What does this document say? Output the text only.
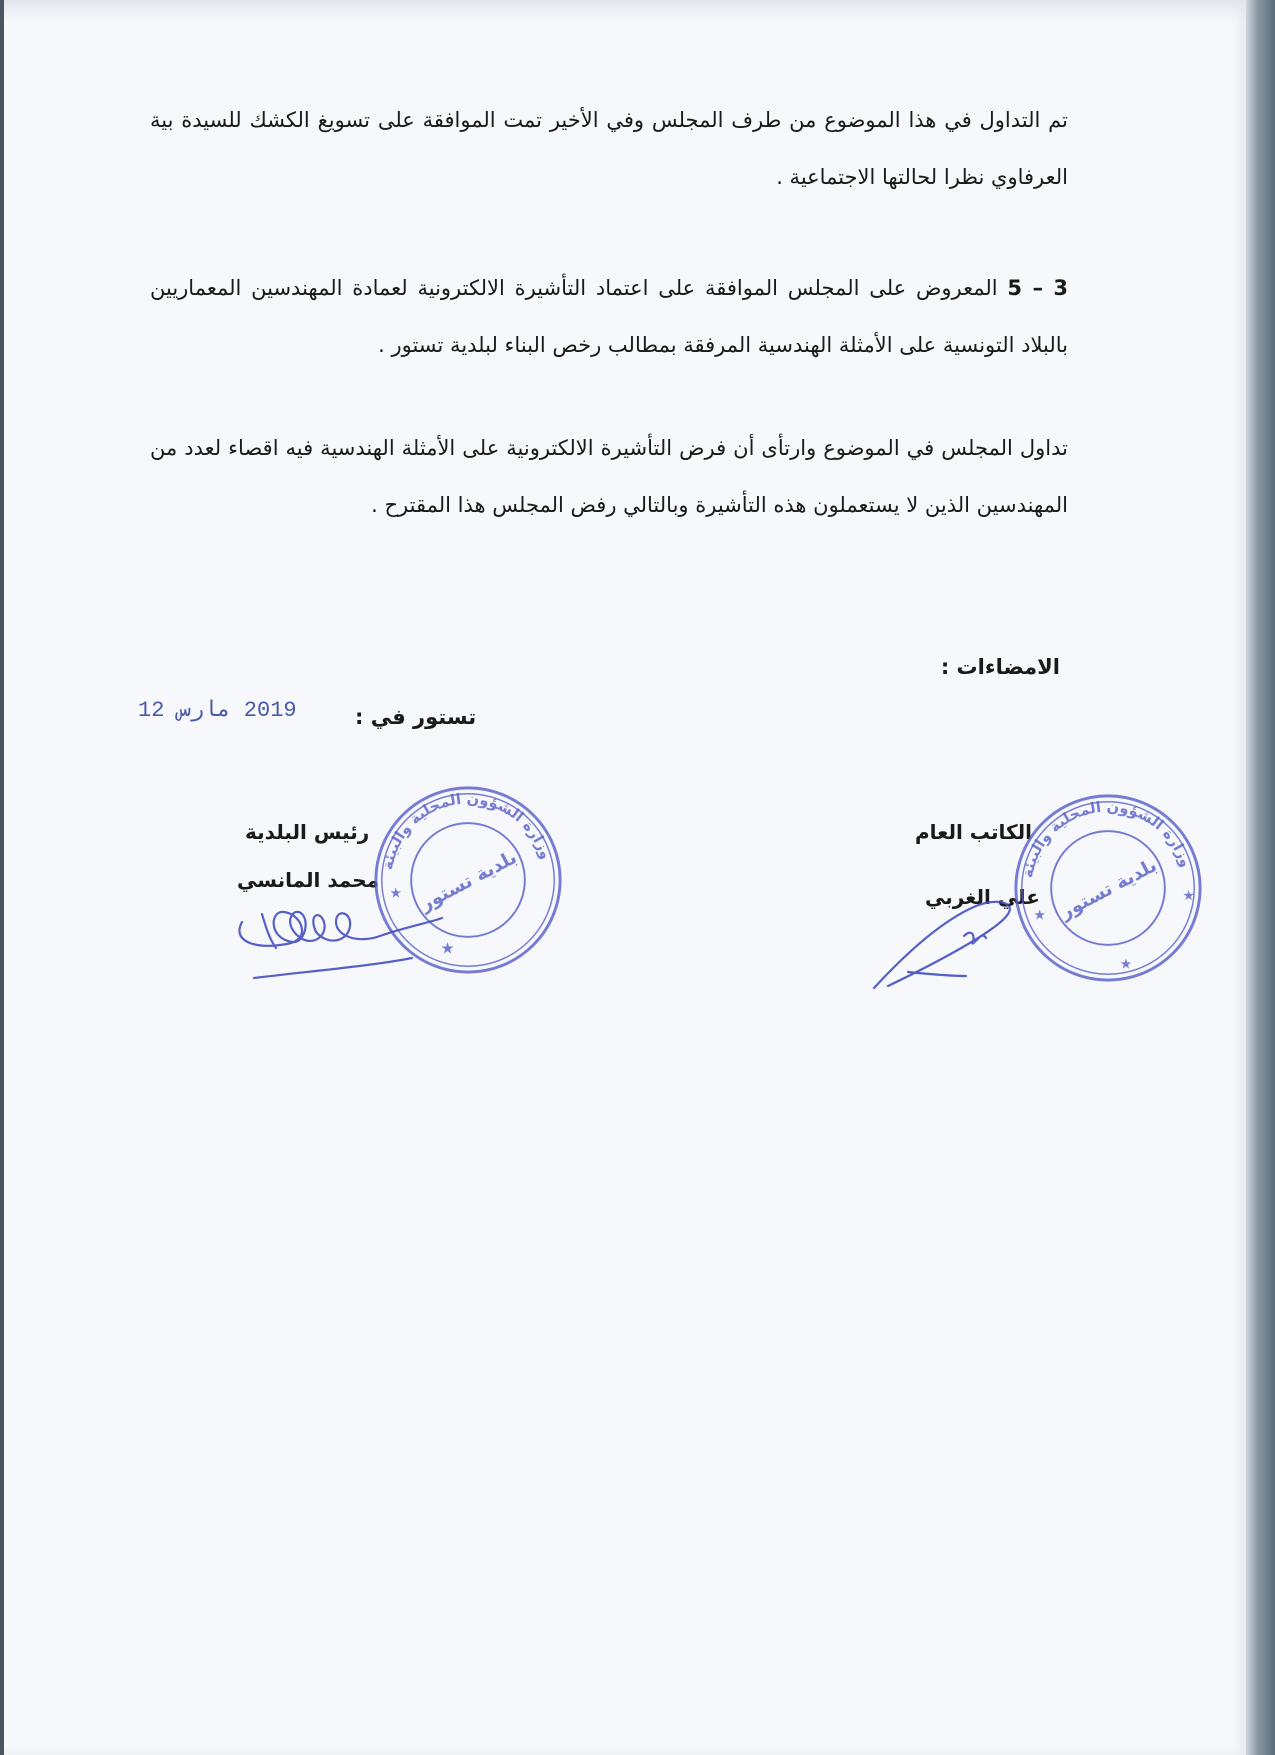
تم التداول في هذا الموضوع من طرف المجلس وفي الأخير تمت الموافقة على تسويغ الكشك للسيدة بية العرفاوي نظرا لحالتها الاجتماعية .

5 – 3 المعروض على المجلس الموافقة على اعتماد التأشيرة الالكترونية لعمادة المهندسين المعماريين بالبلاد التونسية على الأمثلة الهندسية المرفقة بمطالب رخص البناء لبلدية تستور .

تداول المجلس في الموضوع وارتأى أن فرض التأشيرة الالكترونية على الأمثلة الهندسية فيه اقصاء لعدد من المهندسين الذين لا يستعملون هذه التأشيرة وبالتالي رفض المجلس هذا المقترح .

الامضاءات :
2019 مارس 12	تستور في :
رئيس البلدية
محمد المانسي
الكاتب العام
علي الغربي
وزارة الشؤون المحلية والبيئة
بلدية تستور
★
★
وزارة الشؤون المحلية والبيئة
بلدية تستور
★
★
★
